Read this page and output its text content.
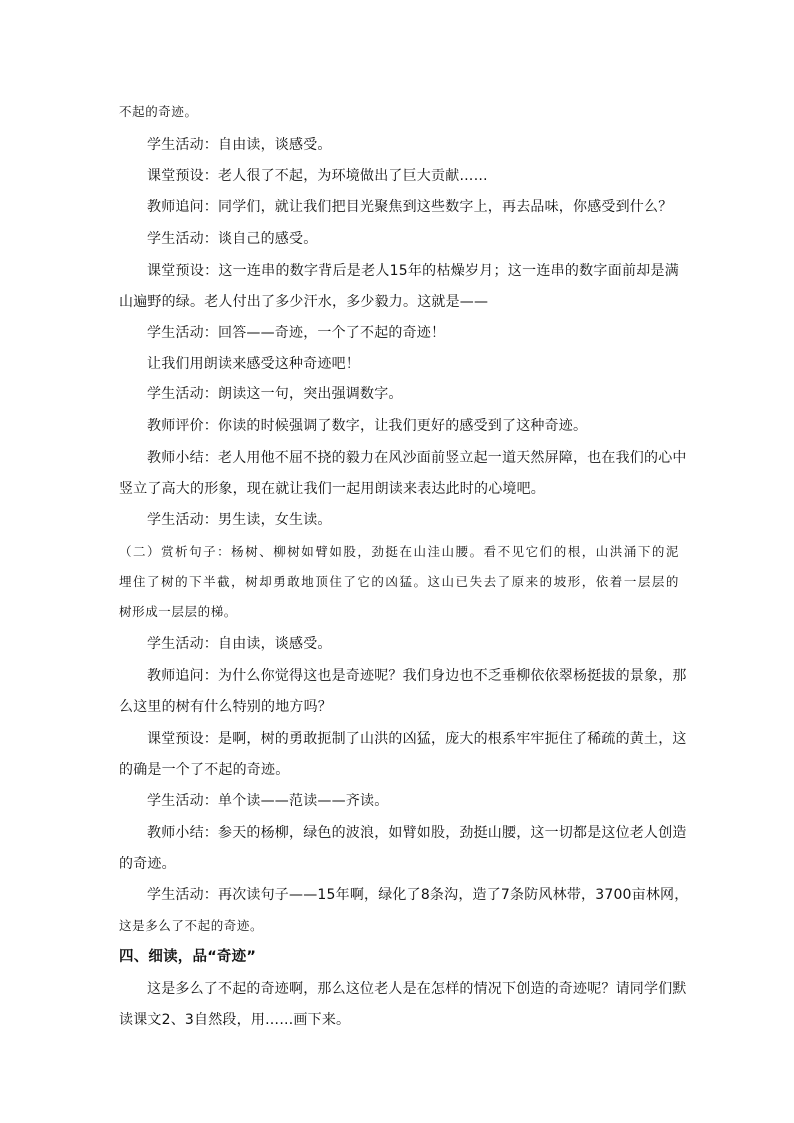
不起的奇迹。
学生活动：自由读，谈感受。
课堂预设：老人很了不起，为环境做出了巨大贡献……
教师追问：同学们，就让我们把目光聚焦到这些数字上，再去品味，你感受到什么？
学生活动：谈自己的感受。
课堂预设：这一连串的数字背后是老人15年的枯燥岁月；这一连串的数字面前却是满
山遍野的绿。老人付出了多少汗水，多少毅力。这就是——
学生活动：回答——奇迹，一个了不起的奇迹！
让我们用朗读来感受这种奇迹吧！
学生活动：朗读这一句，突出强调数字。
教师评价：你读的时候强调了数字，让我们更好的感受到了这种奇迹。
教师小结：老人用他不屈不挠的毅力在风沙面前竖立起一道天然屏障，也在我们的心中
竖立了高大的形象，现在就让我们一起用朗读来表达此时的心境吧。
学生活动：男生读，女生读。
（二）赏析句子：杨树、柳树如臂如股，劲挺在山洼山腰。看不见它们的根，山洪涌下的泥
埋住了树的下半截，树却勇敢地顶住了它的凶猛。这山已失去了原来的坡形，依着一层层的
树形成一层层的梯。
学生活动：自由读，谈感受。
教师追问：为什么你觉得这也是奇迹呢？我们身边也不乏垂柳依依翠杨挺拔的景象，那
么这里的树有什么特别的地方吗？
课堂预设：是啊，树的勇敢扼制了山洪的凶猛，庞大的根系牢牢扼住了稀疏的黄土，这
的确是一个了不起的奇迹。
学生活动：单个读——范读——齐读。
教师小结：参天的杨柳，绿色的波浪，如臂如股，劲挺山腰，这一切都是这位老人创造
的奇迹。
学生活动：再次读句子——15年啊，绿化了8条沟，造了7条防风林带，3700亩林网，
这是多么了不起的奇迹。
四、细读，品“奇迹”
这是多么了不起的奇迹啊，那么这位老人是在怎样的情况下创造的奇迹呢？请同学们默
读课文2、3自然段，用……画下来。
